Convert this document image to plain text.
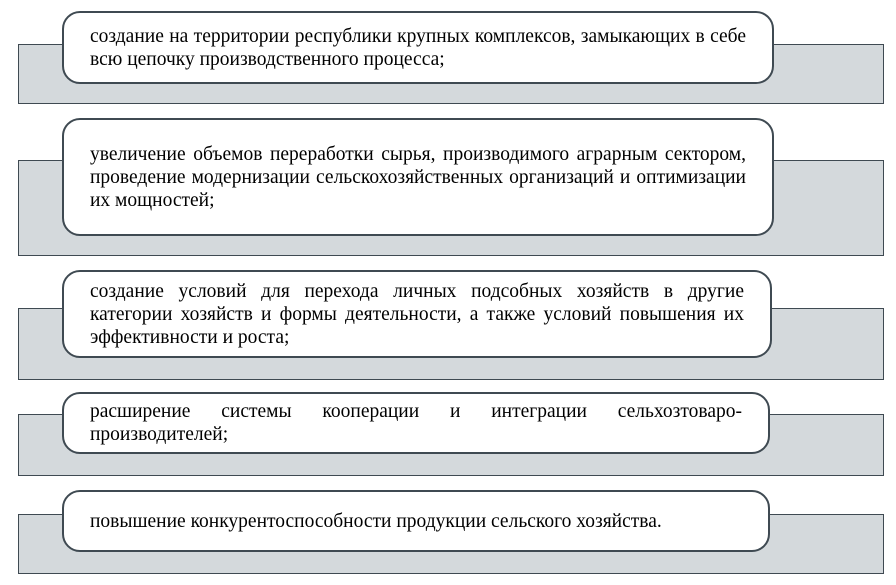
создание на территории республики крупных комплексов, замыкающих в себе всю цепочку производственного процесса;
увеличение объемов переработки сырья, производимого аграрным сектором, проведение модернизации сельскохозяйственных организаций и оптимизации их мощностей;
создание условий для перехода личных подсобных хозяйств в другие категории хозяйств и формы деятельности, а также условий повышения их эффективности и роста;
расширение системы кооперации и интеграции сельхозтоваро-производителей;
повышение конкурентоспособности продукции сельского хозяйства.
